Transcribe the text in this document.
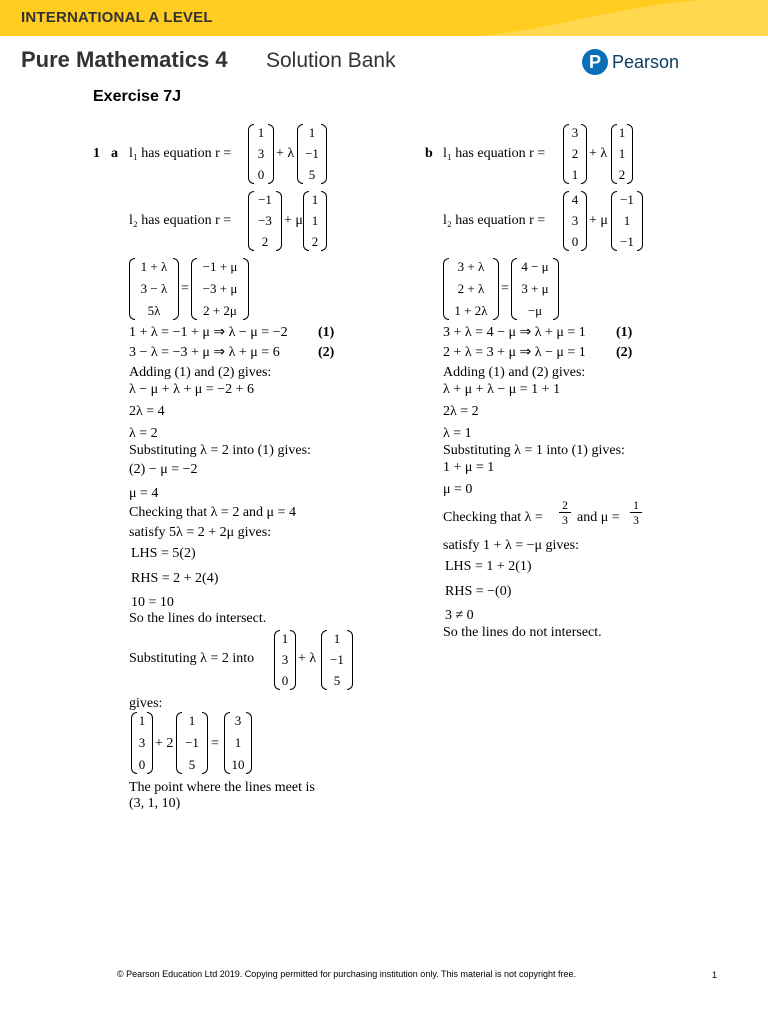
INTERNATIONAL A LEVEL
Pure Mathematics 4 Solution Bank	P Pearson
Exercise 7J
1 a l₁ has equation r =
1
3
0
+ λ
1
−1
5
l₂ has equation r =
−1
−3
2
+ μ
1
1
2
1 + λ
3 − λ
5λ
=
−1 + μ
−3 + μ
2 + 2μ
1 + λ = −1 + μ ⇒ λ − μ = −2 (1)
3 − λ = −3 + μ ⇒ λ + μ = 6	(2)
Adding (1) and (2) gives:
λ − μ + λ + μ = −2 + 6
2λ = 4
λ = 2
Substituting λ = 2 into (1) gives:
(2) − μ = −2
μ = 4
Checking that λ = 2 and μ = 4
satisfy 5λ = 2 + 2μ gives:
LHS = 5(2)
RHS = 2 + 2(4)
10 = 10
So the lines do intersect.
Substituting λ = 2 into
1
3
0
+ λ
1
−1
5
gives:
1
3
0
+ 2
1
−1
5
=
3
1
10
The point where the lines meet is
(3, 1, 10)
b l₁ has equation r =
3
2
1
+ λ
1
1
2
l₂ has equation r =
4
3
0
+ μ
−1
1
−1
3 + λ
2 + λ
1 + 2λ
=
4 − μ
3 + μ
−μ
3 + λ = 4 − μ ⇒ λ + μ = 1 (1)
2 + λ = 3 + μ ⇒ λ − μ = 1 (2)
Adding (1) and (2) gives:
λ + μ + λ − μ = 1 + 1
2λ = 2
λ = 1
Substituting λ = 1 into (1) gives:
1 + μ = 1
μ = 0
Checking that $\lambda = \frac{2}{3}$ and $\mu = \frac{1}{3}$
satisfy 1 + λ = −μ gives:
LHS = 1 + 2(1)
RHS = −(0)
3 ≠ 0
So the lines do not intersect.
© Pearson Education Ltd 2019. Copying permitted for purchasing institution only. This material is not copyright free.	1
